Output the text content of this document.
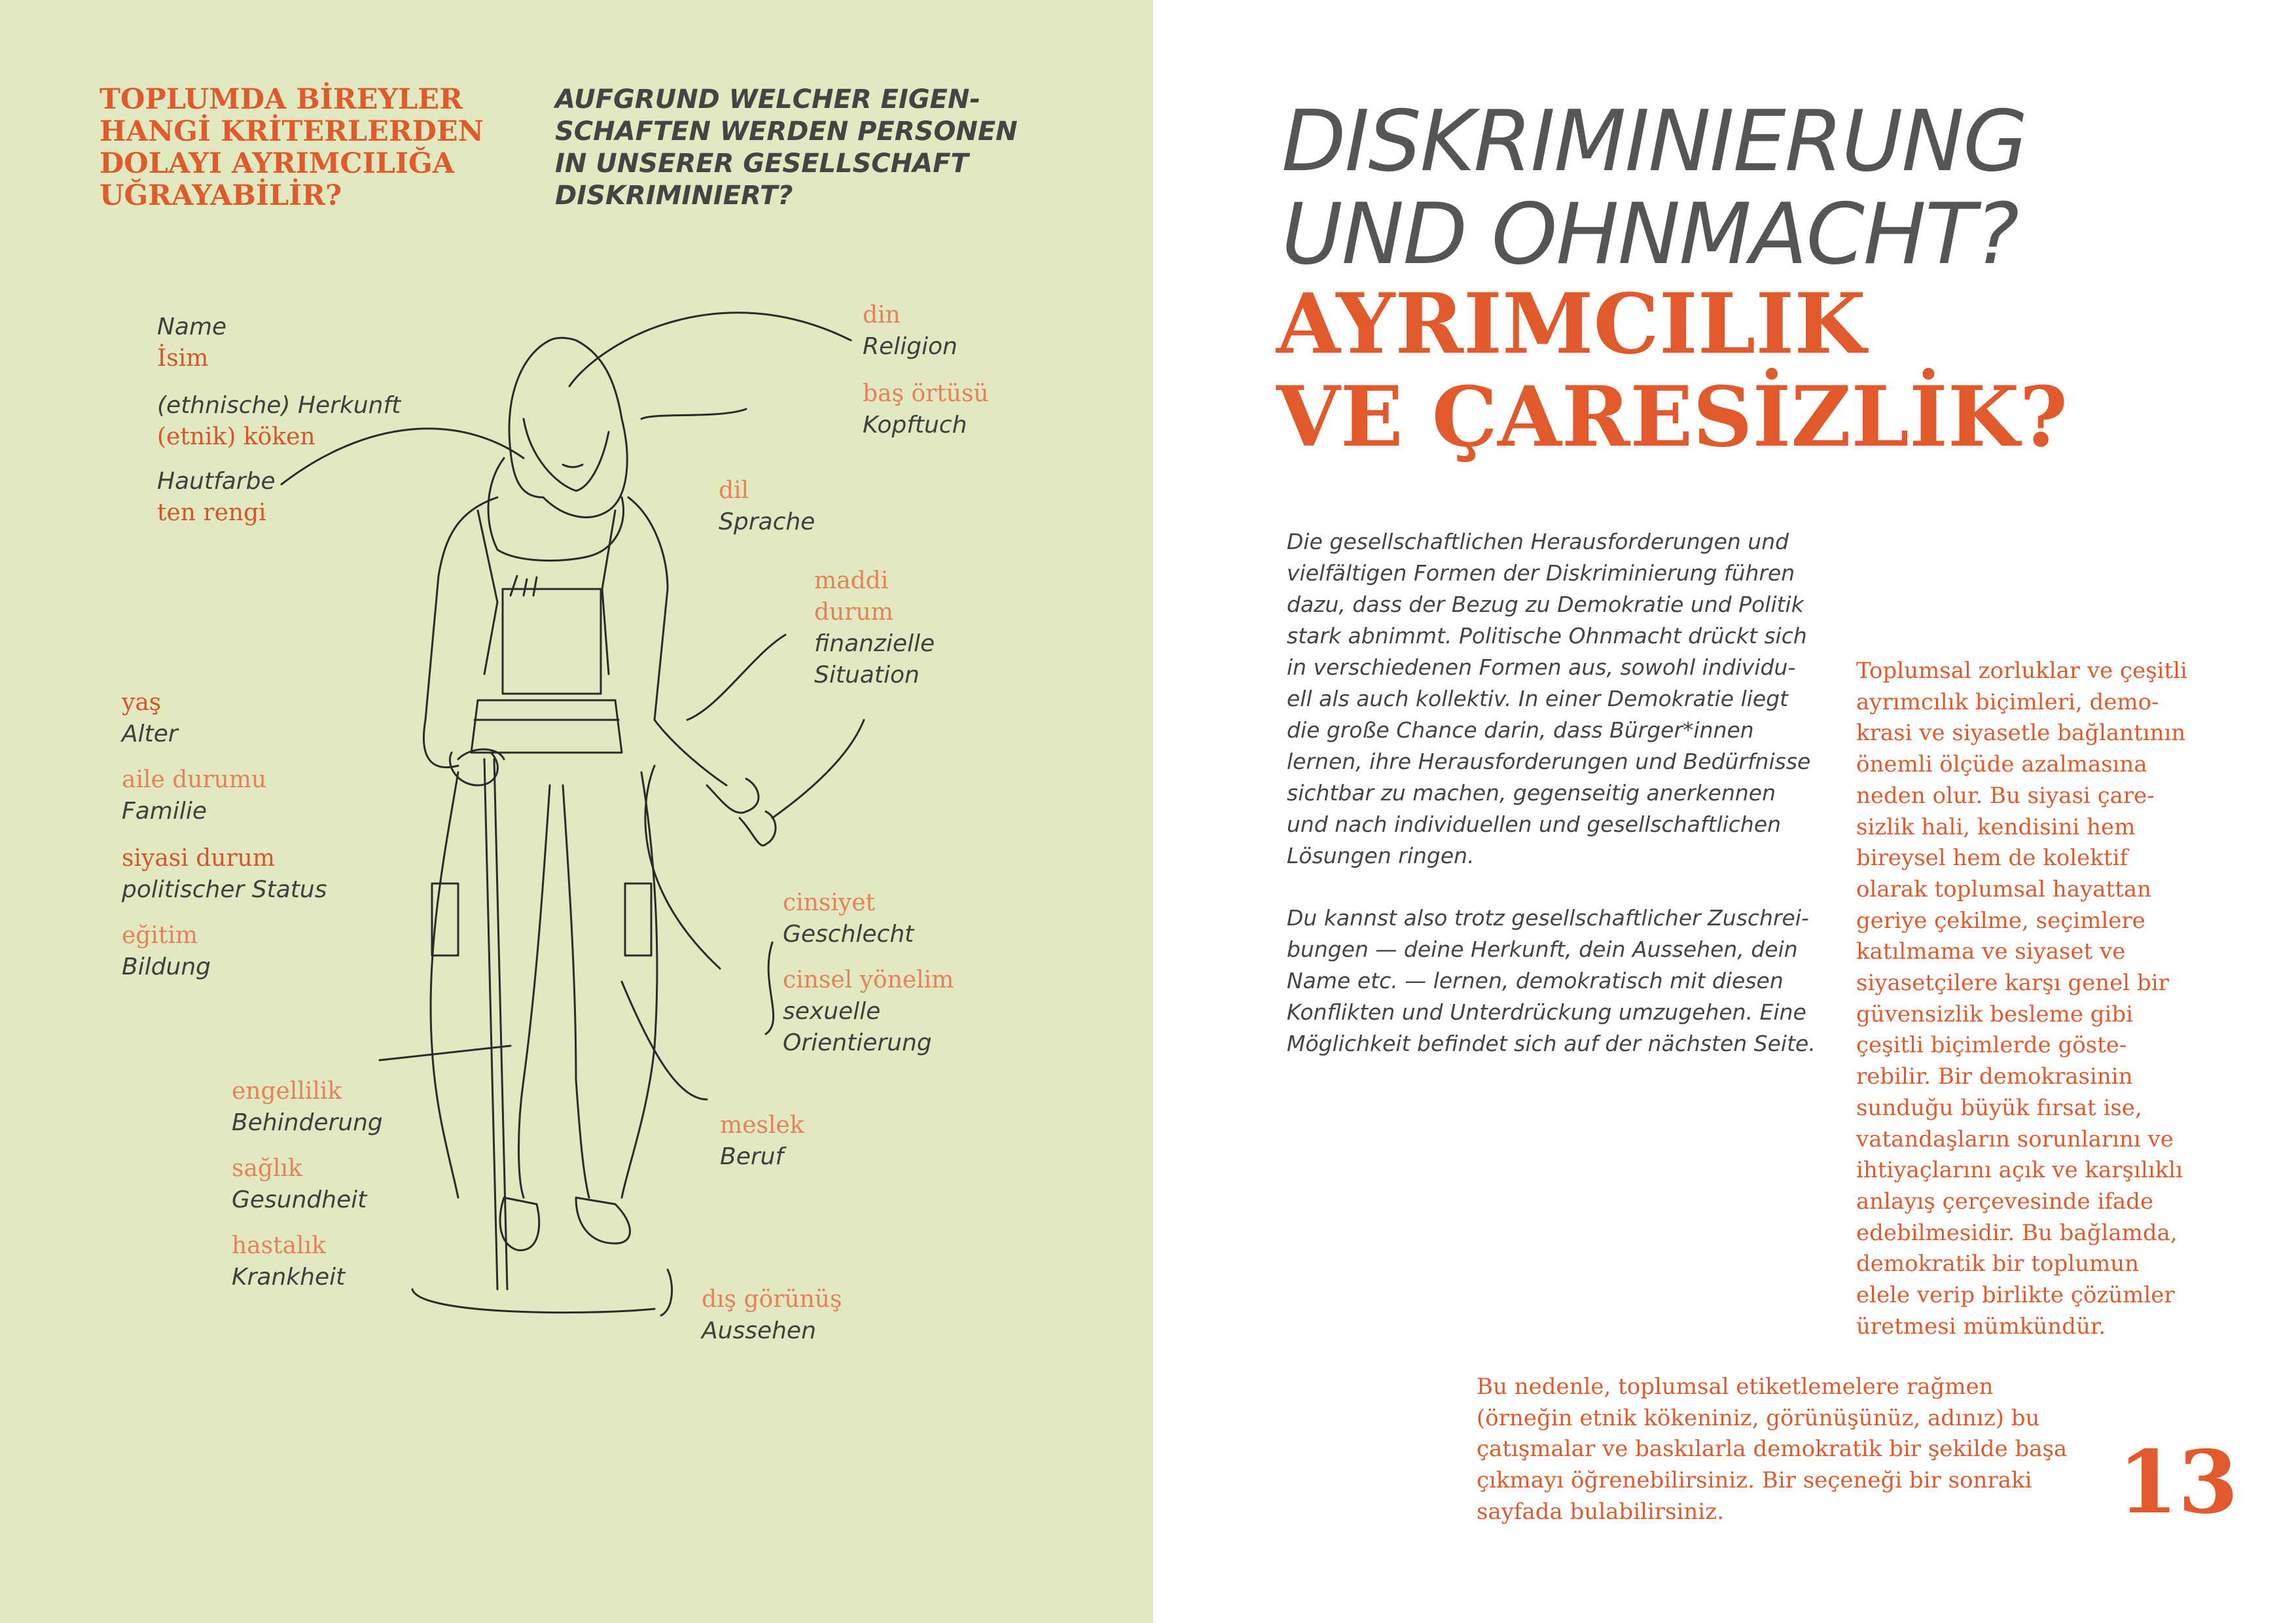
TOPLUMDA BİREYLER
HANGİ KRİTERLERDEN
DOLAYI AYRIMCILIĞA
UĞRAYABİLİR?
AUFGRUND WELCHER EIGEN-
SCHAFTEN WERDEN PERSONEN
IN UNSERER GESELLSCHAFT
DISKRIMINIERT?
Name
İsim
(ethnische) Herkunft
(etnik) köken
Hautfarbe
ten rengi
yaş
Alter
aile durumu
Familie
siyasi durum
politischer Status
eğitim
Bildung
engellilik
Behinderung
sağlık
Gesundheit
hastalık
Krankheit
din
Religion
baş örtüsü
Kopftuch
dil
Sprache
maddi
durum
finanzielle
Situation
cinsiyet
Geschlecht
cinsel yönelim
sexuelle
Orientierung
meslek
Beruf
dış görünüş
Aussehen
DISKRIMINIERUNG
UND OHNMACHT?
AYRIMCILIK
VE ÇARESİZLİK?

Die gesellschaftlichen Herausforderungen und
vielfältigen Formen der Diskriminierung führen
dazu, dass der Bezug zu Demokratie und Politik
stark abnimmt. Politische Ohnmacht drückt sich
in verschiedenen Formen aus, sowohl individu-
ell als auch kollektiv. In einer Demokratie liegt
die große Chance darin, dass Bürger*innen
lernen, ihre Herausforderungen und Bedürfnisse
sichtbar zu machen, gegenseitig anerkennen
und nach individuellen und gesellschaftlichen
Lösungen ringen.

Du kannst also trotz gesellschaftlicher Zuschrei-
bungen — deine Herkunft, dein Aussehen, dein
Name etc. — lernen, demokratisch mit diesen
Konflikten und Unterdrückung umzugehen. Eine
Möglichkeit befindet sich auf der nächsten Seite.

Toplumsal zorluklar ve çeşitli
ayrımcılık biçimleri, demo-
krasi ve siyasetle bağlantının
önemli ölçüde azalmasına
neden olur. Bu siyasi çare-
sizlik hali, kendisini hem
bireysel hem de kolektif
olarak toplumsal hayattan
geriye çekilme, seçimlere
katılmama ve siyaset ve
siyasetçilere karşı genel bir
güvensizlik besleme gibi
çeşitli biçimlerde göste-
rebilir. Bir demokrasinin
sunduğu büyük fırsat ise,
vatandaşların sorunlarını ve
ihtiyaçlarını açık ve karşılıklı
anlayış çerçevesinde ifade
edebilmesidir. Bu bağlamda,
demokratik bir toplumun
elele verip birlikte çözümler
üretmesi mümkündür.
Bu nedenle, toplumsal etiketlemelere rağmen
(örneğin etnik kökeniniz, görünüşünüz, adınız) bu
çatışmalar ve baskılarla demokratik bir şekilde başa
çıkmayı öğrenebilirsiniz. Bir seçeneği bir sonraki
sayfada bulabilirsiniz.	13
